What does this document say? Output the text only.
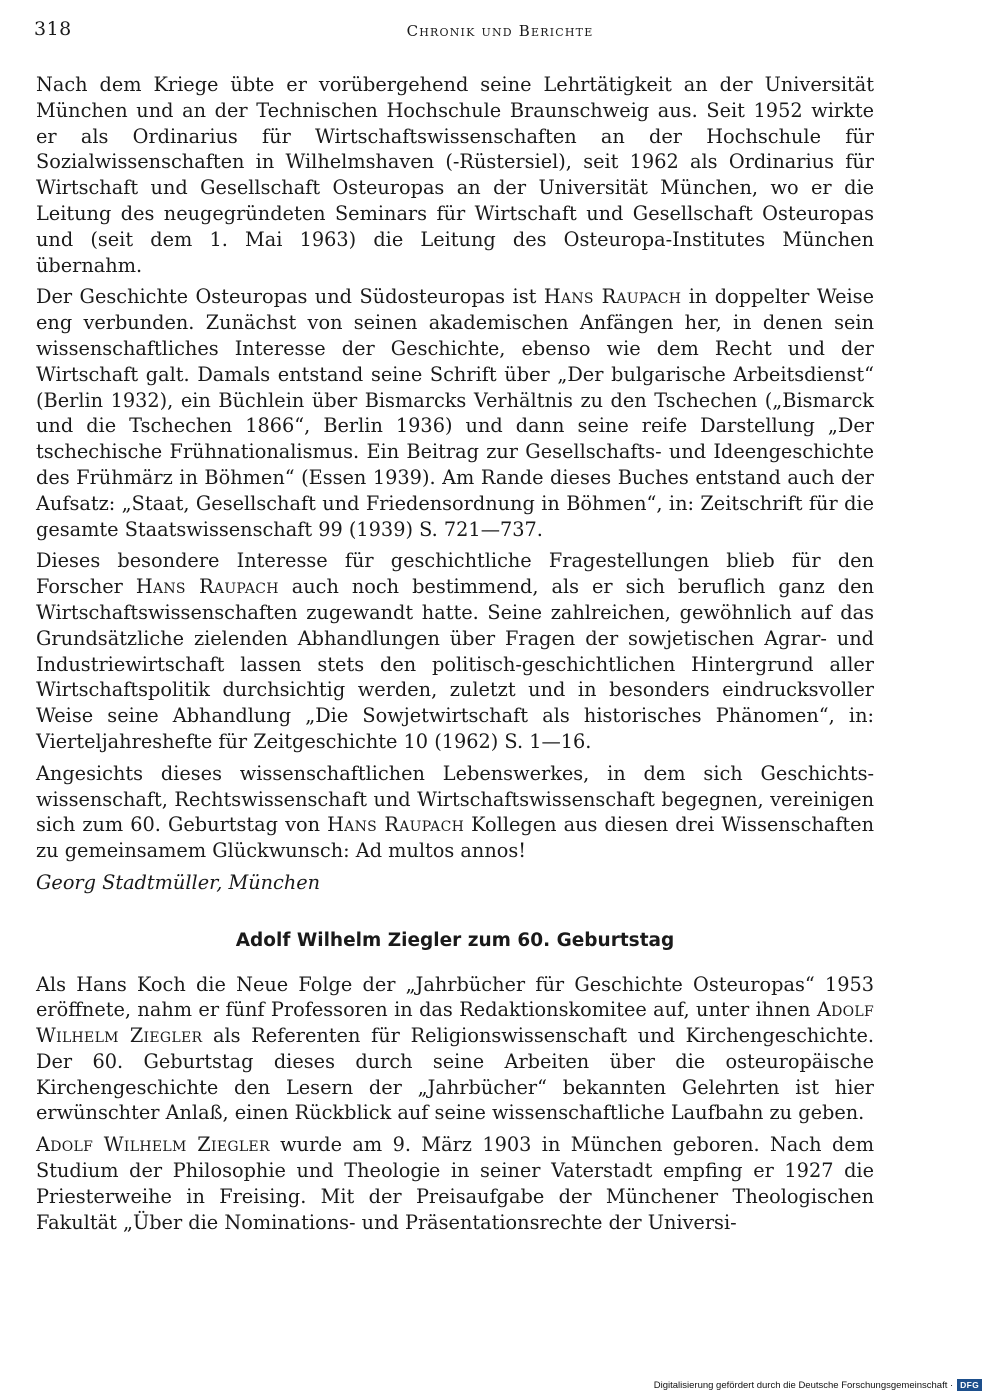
318	Chronik und Berichte

Nach dem Kriege übte er vorübergehend seine Lehrtätigkeit an der Universität München und an der Technischen Hochschule Braunschweig aus. Seit 1952 wirkte er als Ordinarius für Wirtschaftswissenschaften an der Hochschule für Sozialwissenschaften in Wilhelmshaven (-Rüstersiel), seit 1962 als Ordinarius für Wirtschaft und Gesellschaft Osteuropas an der Universität München, wo er die Leitung des neugegründeten Seminars für Wirtschaft und Gesellschaft Osteuropas und (seit dem 1. Mai 1963) die Leitung des Osteuropa-Institutes München übernahm.

Der Geschichte Osteuropas und Südosteuropas ist Hans Raupach in doppelter Weise eng verbunden. Zunächst von seinen akademischen Anfängen her, in denen sein wissenschaftliches Interesse der Geschichte, ebenso wie dem Recht und der Wirtschaft galt. Damals entstand seine Schrift über „Der bulgarische Arbeitsdienst“ (Berlin 1932), ein Büchlein über Bismarcks Verhältnis zu den Tschechen („Bismarck und die Tschechen 1866“, Berlin 1936) und dann seine reife Darstellung „Der tschechische Frühnationalismus. Ein Beitrag zur Gesellschafts- und Ideengeschichte des Frühmärz in Böhmen“ (Essen 1939). Am Rande dieses Buches entstand auch der Aufsatz: „Staat, Gesellschaft und Friedensordnung in Böhmen“, in: Zeitschrift für die gesamte Staatswissenschaft 99 (1939) S. 721—737.

Dieses besondere Interesse für geschichtliche Fragestellungen blieb für den Forscher Hans Raupach auch noch bestimmend, als er sich beruflich ganz den Wirtschaftswissenschaften zugewandt hatte. Seine zahlreichen, gewöhnlich auf das Grundsätzliche zielenden Abhandlungen über Fragen der sowjetischen Agrar- und Industriewirtschaft lassen stets den politisch-geschichtlichen Hintergrund aller Wirtschaftspolitik durchsichtig werden, zuletzt und in besonders eindrucksvoller Weise seine Abhandlung „Die Sowjetwirtschaft als historisches Phänomen“, in: Vierteljahreshefte für Zeitgeschichte 10 (1962) S. 1—16.

Angesichts dieses wissenschaftlichen Lebenswerkes, in dem sich Geschichtswissenschaft, Rechtswissenschaft und Wirtschaftswissenschaft begegnen, vereinigen sich zum 60. Geburtstag von Hans Raupach Kollegen aus diesen drei Wissenschaften zu gemeinsamem Glückwunsch: Ad multos annos!

Georg Stadtmüller, München

Adolf Wilhelm Ziegler zum 60. Geburtstag

Als Hans Koch die Neue Folge der „Jahrbücher für Geschichte Osteuropas“ 1953 eröffnete, nahm er fünf Professoren in das Redaktionskomitee auf, unter ihnen Adolf Wilhelm Ziegler als Referenten für Religionswissenschaft und Kirchengeschichte. Der 60. Geburtstag dieses durch seine Arbeiten über die osteuropäische Kirchengeschichte den Lesern der „Jahrbücher“ bekannten Gelehrten ist hier erwünschter Anlaß, einen Rückblick auf seine wissenschaftliche Laufbahn zu geben.

Adolf Wilhelm Ziegler wurde am 9. März 1903 in München geboren. Nach dem Studium der Philosophie und Theologie in seiner Vaterstadt empfing er 1927 die Priesterweihe in Freising. Mit der Preisaufgabe der Münchener Theologischen Fakultät „Über die Nominations- und Präsentationsrechte der Universi-

Digitalisierung gefördert durch die Deutsche Forschungsgemeinschaft · DFG
